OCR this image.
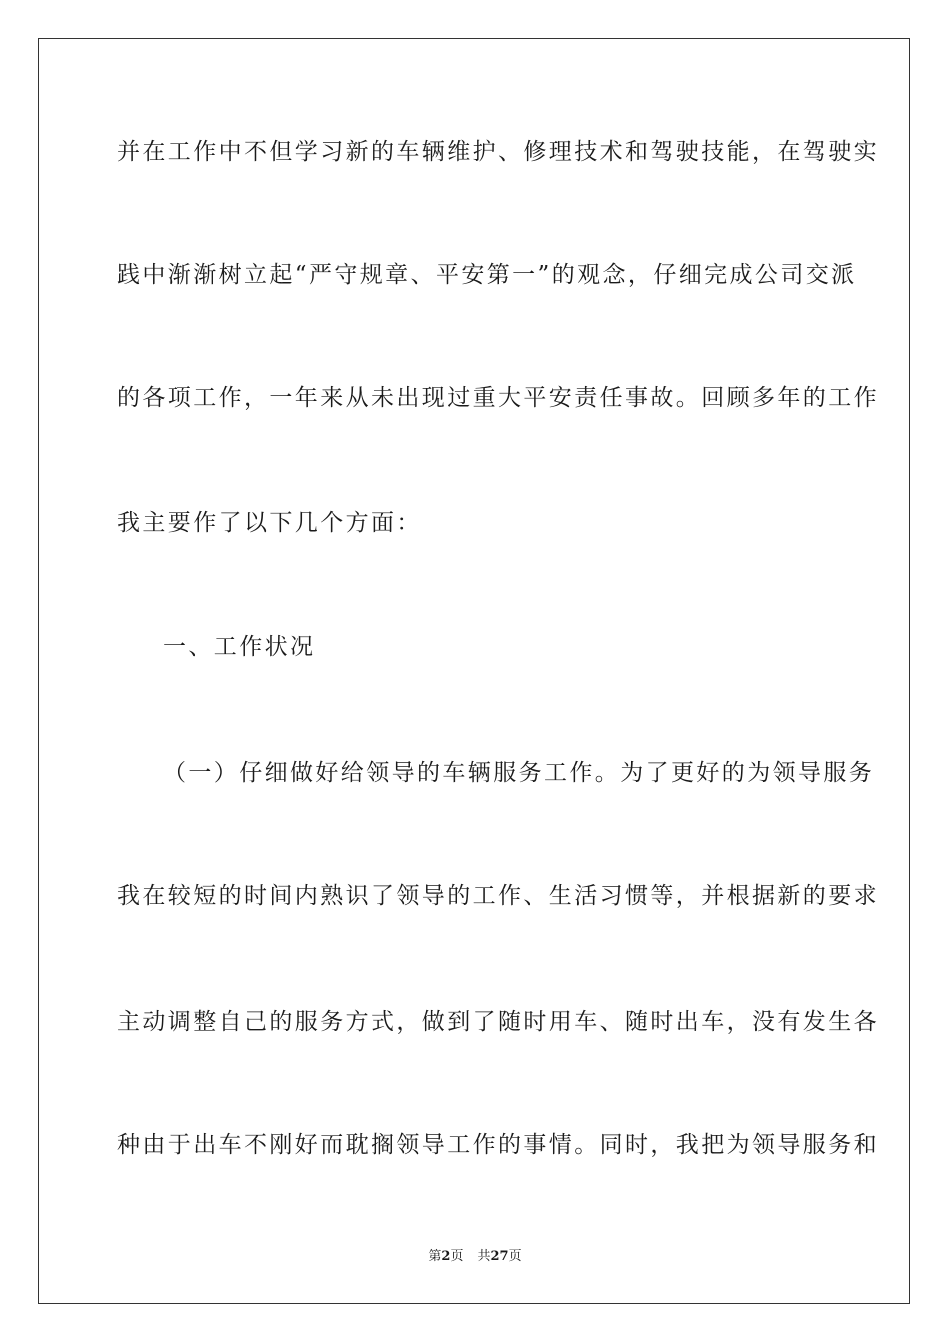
并在工作中不但学习新的车辆维护、修理技术和驾驶技能，在驾驶实
践中渐渐树立起“严守规章、平安第一”的观念，仔细完成公司交派
的各项工作，一年来从未出现过重大平安责任事故。回顾多年的工作
我主要作了以下几个方面：
一、工作状况
（一）仔细做好给领导的车辆服务工作。为了更好的为领导服务
我在较短的时间内熟识了领导的工作、生活习惯等，并根据新的要求
主动调整自己的服务方式，做到了随时用车、随时出车，没有发生各
种由于出车不刚好而耽搁领导工作的事情。同时，我把为领导服务和
第2页 共27页
